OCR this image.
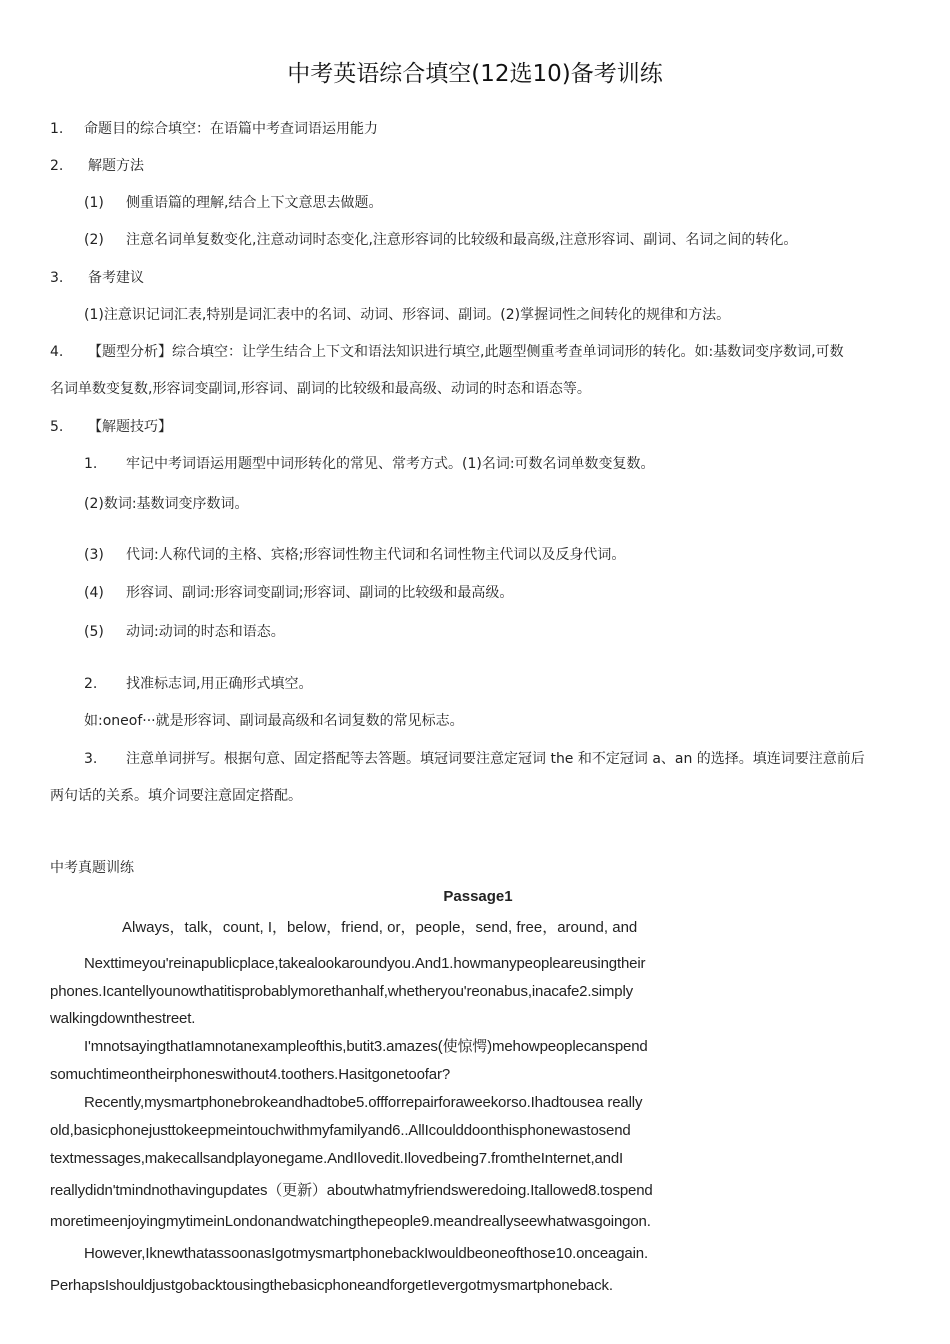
中考英语综合填空(12选10)备考训练
1. 命题目的综合填空：在语篇中考查词语运用能力
2. 解题方法
(1) 侧重语篇的理解,结合上下文意思去做题。
(2) 注意名词单复数变化,注意动词时态变化,注意形容词的比较级和最高级,注意形容词、副词、名词之间的转化。
3. 备考建议
(1)注意识记词汇表,特别是词汇表中的名词、动词、形容词、副词。(2)掌握词性之间转化的规律和方法。
4. 【题型分析】综合填空：让学生结合上下文和语法知识进行填空,此题型侧重考查单词词形的转化。如:基数词变序数词,可数
名词单数变复数,形容词变副词,形容词、副词的比较级和最高级、动词的时态和语态等。
5. 【解题技巧】
1. 牢记中考词语运用题型中词形转化的常见、常考方式。(1)名词:可数名词单数变复数。
(2)数词:基数词变序数词。
(3) 代词:人称代词的主格、宾格;形容词性物主代词和名词性物主代词以及反身代词。
(4) 形容词、副词:形容词变副词;形容词、副词的比较级和最高级。
(5) 动词:动词的时态和语态。
2. 找准标志词,用正确形式填空。
如:oneof···就是形容词、副词最高级和名词复数的常见标志。
3. 注意单词拼写。根据句意、固定搭配等去答题。填冠词要注意定冠词 the 和不定冠词 a、an 的选择。填连词要注意前后
两句话的关系。填介词要注意固定搭配。
中考真题训练
Passage1
Always，talk，count, I，below，friend, or，people，send, free，around, and
Nexttimeyou'reinapublicplace,takealookaroundyou.And1.howmanypeopleareusingtheir
phones.Icantellyounowthatitisprobablymorethanhalf,whetheryou'reonabus,inacafe2.simply
walkingdownthestreet.
I'mnotsayingthatIamnotanexampleofthis,butit3.amazes(使惊愕)mehowpeoplecanspend
somuchtimeontheirphoneswithout4.toothers.Hasitgonetoofar?
Recently,mysmartphonebrokeandhadtobe5.offforrepairforaweekorso.Ihadtousea really
old,basicphonejusttokeepmeintouchwithmyfamilyand6..AllIcoulddoonthisphonewastosend
textmessages,makecallsandplayonegame.AndIlovedit.Ilovedbeing7.fromtheInternet,andI
reallydidn'tmindnothavingupdates（更新）aboutwhatmyfriendsweredoing.Itallowed8.tospend
moretimeenjoyingmytimeinLondonandwatchingthepeople9.meandreallyseewhatwasgoingon.
However,IknewthatassoonasIgotmysmartphonebackIwouldbeoneofthose10.onceagain.
PerhapsIshouldjustgobacktousingthebasicphoneandforgetIevergotmysmartphoneback.
